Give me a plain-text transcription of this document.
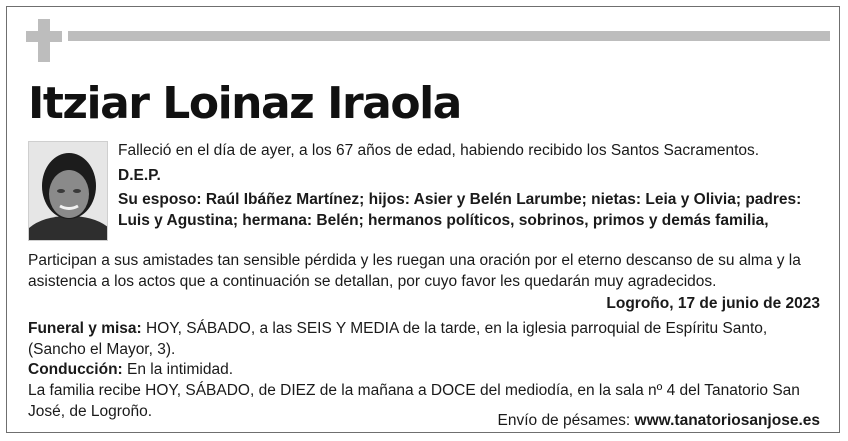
Itziar Loinaz Iraola

Falleció en el día de ayer, a los 67 años de edad, habiendo recibido los Santos Sacramentos.

D.E.P.

Su esposo: Raúl Ibáñez Martínez; hijos: Asier y Belén Larumbe; nietas: Leia y Olivia; padres: Luis y Agustina; hermana: Belén; hermanos políticos, sobrinos, primos y demás familia,

Participan a sus amistades tan sensible pérdida y les ruegan una oración por el eterno descanso de su alma y la asistencia a los actos que a continuación se detallan, por cuyo favor les quedarán muy agradecidos.

Logroño, 17 de junio de 2023

Funeral y misa: HOY, SÁBADO, a las SEIS Y MEDIA de la tarde, en la iglesia parroquial de Espíritu Santo, (Sancho el Mayor, 3).

Conducción: En la intimidad.

La familia recibe HOY, SÁBADO, de DIEZ de la mañana a DOCE del mediodía, en la sala nº 4 del Tanatorio San José, de Logroño.

Envío de pésames: www.tanatoriosanjose.es
